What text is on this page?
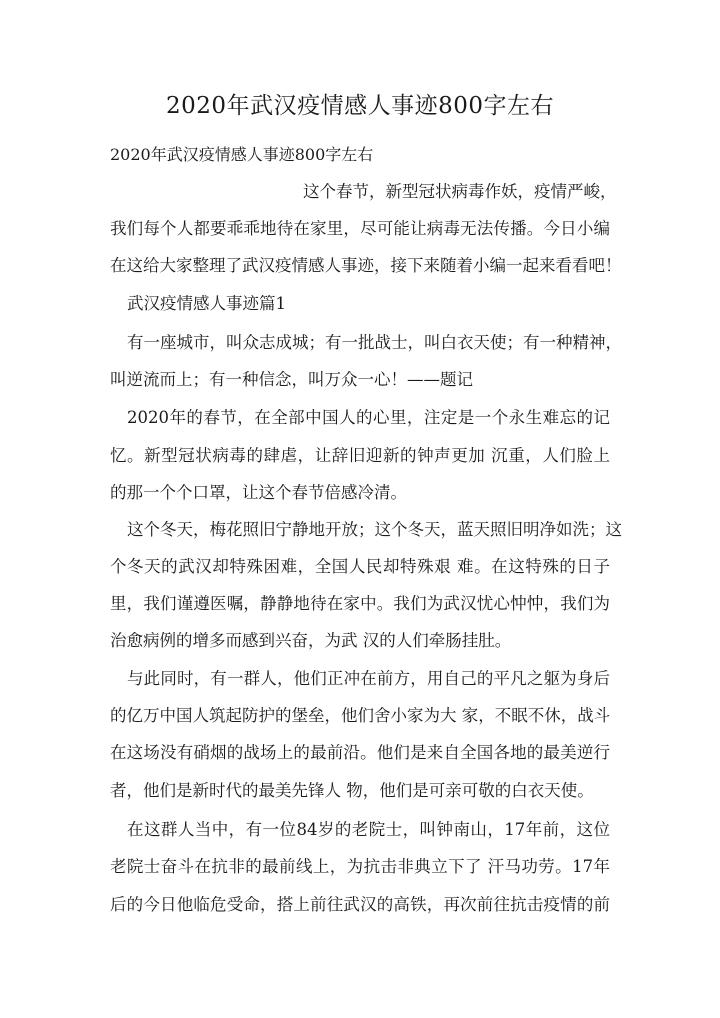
2020年武汉疫情感人事迹800字左右
2020年武汉疫情感人事迹800字左右
这个春节，新型冠状病毒作妖，疫情严峻，
我们每个人都要乖乖地待在家里，尽可能让病毒无法传播。今日小编
在这给大家整理了武汉疫情感人事迹，接下来随着小编一起来看看吧！
武汉疫情感人事迹篇1
有一座城市，叫众志成城；有一批战士，叫白衣天使；有一种精神，
叫逆流而上；有一种信念，叫万众一心！——题记
2020年的春节，在全部中国人的心里，注定是一个永生难忘的记
忆。新型冠状病毒的肆虐，让辞旧迎新的钟声更加 沉重，人们脸上
的那一个个口罩，让这个春节倍感冷清。
这个冬天，梅花照旧宁静地开放；这个冬天，蓝天照旧明净如洗；这
个冬天的武汉却特殊困难，全国人民却特殊艰 难。在这特殊的日子
里，我们谨遵医嘱，静静地待在家中。我们为武汉忧心忡忡，我们为
治愈病例的增多而感到兴奋，为武 汉的人们牵肠挂肚。
与此同时，有一群人，他们正冲在前方，用自己的平凡之躯为身后
的亿万中国人筑起防护的堡垒，他们舍小家为大 家，不眠不休，战斗
在这场没有硝烟的战场上的最前沿。他们是来自全国各地的最美逆行
者，他们是新时代的最美先锋人 物，他们是可亲可敬的白衣天使。
在这群人当中，有一位84岁的老院士，叫钟南山，17年前，这位
老院士奋斗在抗非的最前线上，为抗击非典立下了 汗马功劳。17年
后的今日他临危受命，搭上前往武汉的高铁，再次前往抗击疫情的前
